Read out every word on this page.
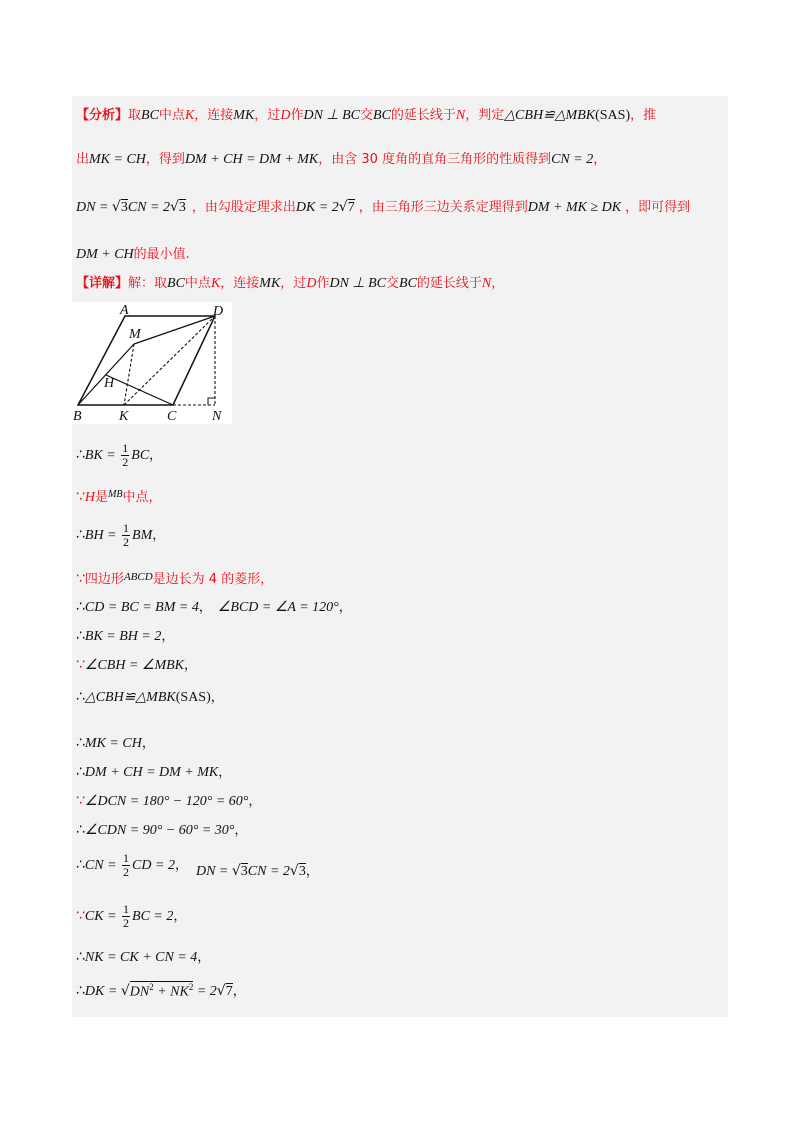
【分析】取BC中点K，连接MK，过D作DN ⊥ BC交BC的延长线于N，判定△CBH≌△MBK(SAS)，推
出MK = CH，得到DM + CH = DM + MK，由含 30 度角的直角三角形的性质得到CN = 2，
DN = √3CN = 2√3 ，由勾股定理求出DK = 2√7 ，由三角形三边关系定理得到DM + MK ≥ DK ，即可得到
DM + CH的最小值.
【详解】解：取BC中点K，连接MK，过D作DN ⊥ BC交BC的延长线于N，
A	D
M
H
B	K	C	N
∴BK = $\frac{1}{2}$ BC，
∵H是$^{MB}$中点，
∴BH = $\frac{1}{2}$ BM，
∵四边形$^{ABCD}$是边长为 4 的菱形，
∴CD = BC = BM = 4， ∠BCD = ∠A = 120°，
∴BK = BH = 2，
∵∠CBH = ∠MBK，
∴△CBH≌△MBK(SAS)，
∴MK = CH，
∴DM + CH = DM + MK，
∵∠DCN = 180° − 120° = 60°，
∴∠CDN = 90° − 60° = 30°，
∴CN = $\frac{1}{2}$ CD = 2， DN = √3CN = 2√3，
∵CK = $\frac{1}{2}$ BC = 2，
∴NK = CK + CN = 4，
∴DK = $√DN^2 + NK^2 = 2√7$，
